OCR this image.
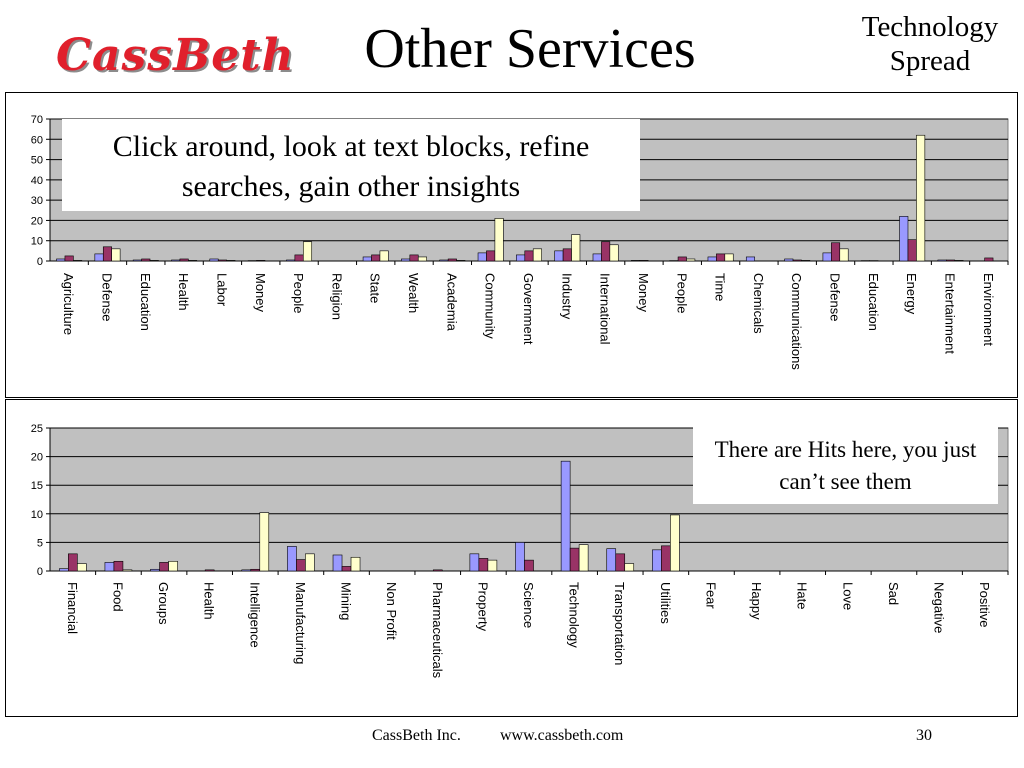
CassBeth	Other Services	Technology
Spread
0
10
20
30
40
50
60
70
Agriculture Defense Education Health Labor Money People Religion State Wealth Academia Community Government Industry International Money People Time Chemicals Communications Defense Education Energy Entertainment Environment
0
5
10
15
20
25
Financial Food Groups Health Intelligence Manufacturing Mining Non Profit Pharmaceuticals Property Science Technology Transportation Utilities Fear Happy Hate Love Sad Negative Positive
Click around, look at text blocks, refine searches, gain other insights
There are Hits here, you just can’t see them
CassBeth Inc. www.cassbeth.com	30
